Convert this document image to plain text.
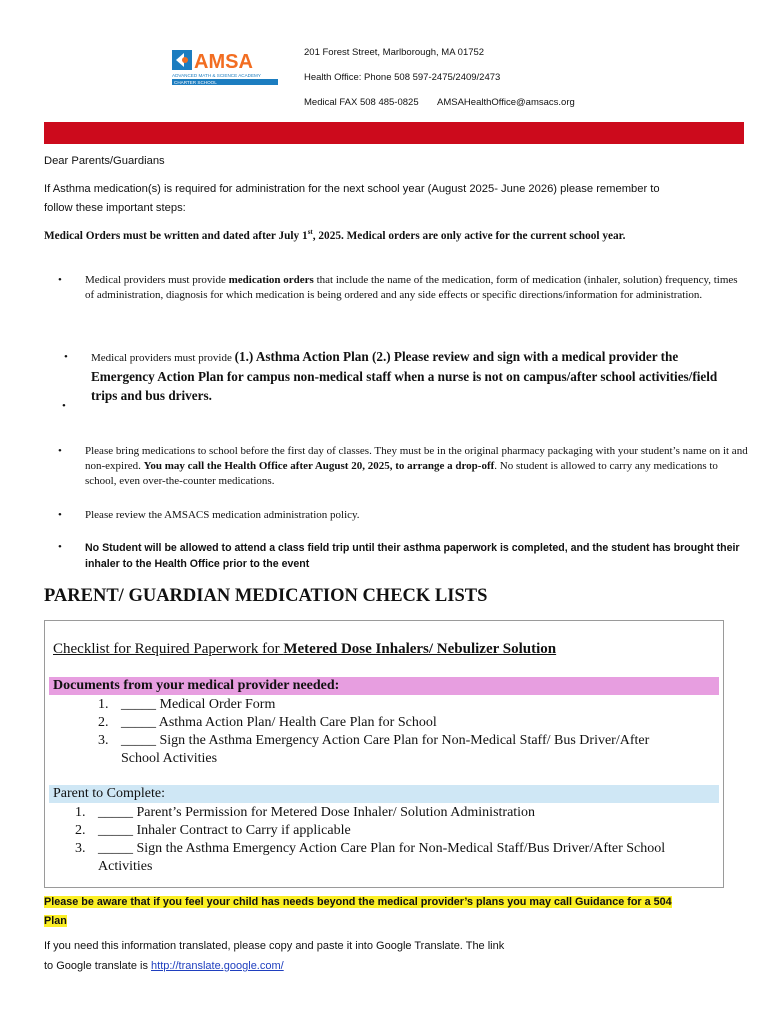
AMSA
ADVANCED MATH & SCIENCE ACADEMY
CHARTER SCHOOL
201 Forest Street, Marlborough, MA 01752
Health Office: Phone 508 597-2475/2409/2473
Medical FAX 508 485-0825 AMSAHealthOffice@amsacs.org

Dear Parents/Guardians

If Asthma medication(s) is required for administration for the next school year (August 2025- June 2026) please remember to

follow these important steps:

Medical Orders must be written and dated after July 1st, 2025. Medical orders are only active for the current school year.

•	Medical providers must provide medication orders that include the name of the medication, form of medication (inhaler, solution) frequency, times of administration, diagnosis for which medication is being ordered and any side effects or specific directions/information for administration.
•	Medical providers must provide (1.) Asthma Action Plan (2.) Please review and sign with a medical provider the Emergency Action Plan for campus non-medical staff when a nurse is not on campus/after school activities/field trips and bus drivers.
•
•	Please bring medications to school before the first day of classes. They must be in the original pharmacy packaging with your student’s name on it and non-expired. You may call the Health Office after August 20, 2025, to arrange a drop-off. No student is allowed to carry any medications to school, even over-the-counter medications.
•	Please review the AMSACS medication administration policy.
•	No Student will be allowed to attend a class field trip until their asthma paperwork is completed, and the student has brought their inhaler to the Health Office prior to the event
PARENT/ GUARDIAN MEDICATION CHECK LISTS
Checklist for Required Paperwork for Metered Dose Inhalers/ Nebulizer Solution
Documents from your medical provider needed:
1. _____ Medical Order Form
2. _____ Asthma Action Plan/ Health Care Plan for School
3. _____ Sign the Asthma Emergency Action Care Plan for Non-Medical Staff/ Bus Driver/After
School Activities
Parent to Complete:
1. _____ Parent’s Permission for Metered Dose Inhaler/ Solution Administration
2. _____ Inhaler Contract to Carry if applicable
3. _____ Sign the Asthma Emergency Action Care Plan for Non-Medical Staff/Bus Driver/After School
Activities
Please be aware that if you feel your child has needs beyond the medical provider’s plans you may call Guidance for a 504
Plan

If you need this information translated, please copy and paste it into Google Translate. The link

to Google translate is http://translate.google.com/
